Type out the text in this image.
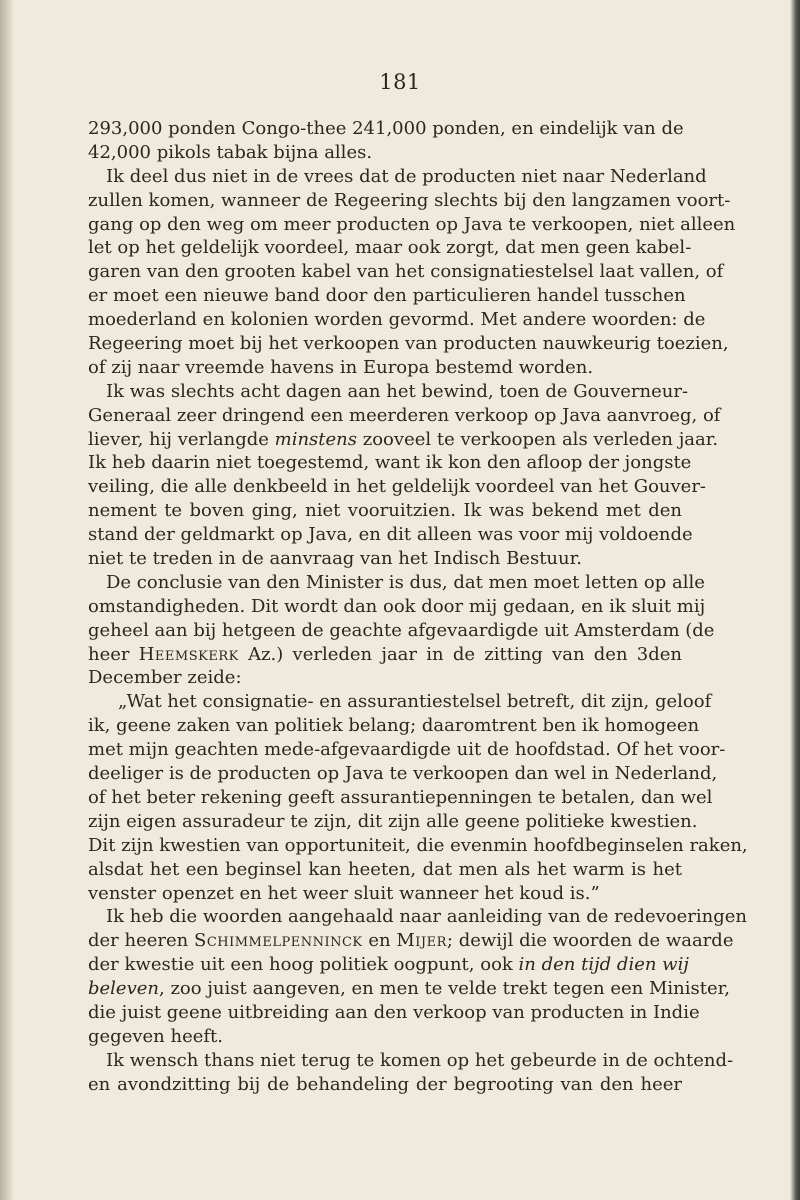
181
293,000 ponden Congo-thee 241,000 ponden, en eindelijk van de
42,000 pikols tabak bijna alles.
Ik deel dus niet in de vrees dat de producten niet naar Nederland
zullen komen, wanneer de Regeering slechts bij den langzamen voort-
gang op den weg om meer producten op Java te verkoopen, niet alleen
let op het geldelijk voordeel, maar ook zorgt, dat men geen kabel-
garen van den grooten kabel van het consignatiestelsel laat vallen, of
er moet een nieuwe band door den particulieren handel tusschen
moederland en kolonien worden gevormd. Met andere woorden: de
Regeering moet bij het verkoopen van producten nauwkeurig toezien,
of zij naar vreemde havens in Europa bestemd worden.
Ik was slechts acht dagen aan het bewind, toen de Gouverneur-
Generaal zeer dringend een meerderen verkoop op Java aanvroeg, of
liever, hij verlangde minstens zooveel te verkoopen als verleden jaar.
Ik heb daarin niet toegestemd, want ik kon den afloop der jongste
veiling, die alle denkbeeld in het geldelijk voordeel van het Gouver-
nement te boven ging, niet vooruitzien. Ik was bekend met den
stand der geldmarkt op Java, en dit alleen was voor mij voldoende
niet te treden in de aanvraag van het Indisch Bestuur.
De conclusie van den Minister is dus, dat men moet letten op alle
omstandigheden. Dit wordt dan ook door mij gedaan, en ik sluit mij
geheel aan bij hetgeen de geachte afgevaardigde uit Amsterdam (de
heer Heemskerk Az.) verleden jaar in de zitting van den 3den
December zeide:
„Wat het consignatie- en assurantiestelsel betreft, dit zijn, geloof
ik, geene zaken van politiek belang; daaromtrent ben ik homogeen
met mijn geachten mede-afgevaardigde uit de hoofdstad. Of het voor-
deeliger is de producten op Java te verkoopen dan wel in Nederland,
of het beter rekening geeft assurantiepenningen te betalen, dan wel
zijn eigen assuradeur te zijn, dit zijn alle geene politieke kwestien.
Dit zijn kwestien van opportuniteit, die evenmin hoofdbeginselen raken,
alsdat het een beginsel kan heeten, dat men als het warm is het
venster openzet en het weer sluit wanneer het koud is.”
Ik heb die woorden aangehaald naar aanleiding van de redevoeringen
der heeren Schimmelpenninck en Mijer; dewijl die woorden de waarde
der kwestie uit een hoog politiek oogpunt, ook in den tijd dien wij
beleven, zoo juist aangeven, en men te velde trekt tegen een Minister,
die juist geene uitbreiding aan den verkoop van producten in Indie
gegeven heeft.
Ik wensch thans niet terug te komen op het gebeurde in de ochtend-
en avondzitting bij de behandeling der begrooting van den heer
